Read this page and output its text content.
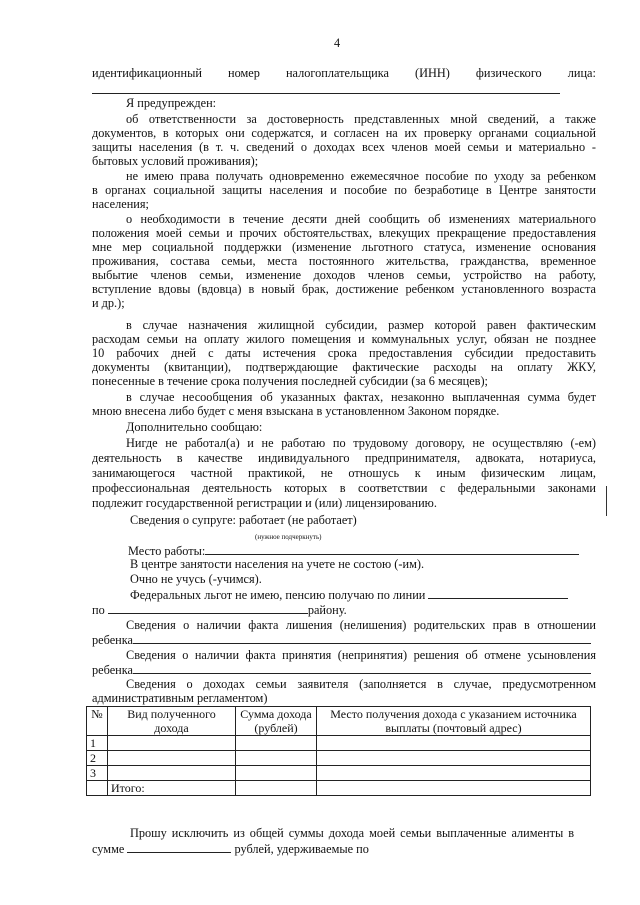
4
идентификационный номер налогоплательщика (ИНН) физического лица:
Я предупрежден:
об ответственности за достоверность представленных мной сведений, а также
документов, в которых они содержатся, и согласен на их проверку органами социальной
защиты населения (в т. ч. сведений о доходах всех членов моей семьи и материально -
бытовых условий проживания);
не имею права получать одновременно ежемесячное пособие по уходу за ребенком
в органах социальной защиты населения и пособие по безработице в Центре занятости
населения;
о необходимости в течение десяти дней сообщить об изменениях материального
положения моей семьи и прочих обстоятельствах, влекущих прекращение предоставления
мне мер социальной поддержки (изменение льготного статуса, изменение основания
проживания, состава семьи, места постоянного жительства, гражданства, временное
выбытие членов семьи, изменение доходов членов семьи, устройство на работу,
вступление вдовы (вдовца) в новый брак, достижение ребенком установленного возраста
и др.);
в случае назначения жилищной субсидии, размер которой равен фактическим
расходам семьи на оплату жилого помещения и коммунальных услуг, обязан не позднее
10 рабочих дней с даты истечения срока предоставления субсидии предоставить
документы (квитанции), подтверждающие фактические расходы на оплату ЖКУ,
понесенные в течение срока получения последней субсидии (за 6 месяцев);
в случае несообщения об указанных фактах, незаконно выплаченная сумма будет
мною внесена либо будет с меня взыскана в установленном Законом порядке.
Дополнительно сообщаю:
Нигде не работал(а) и не работаю по трудовому договору, не осуществляю (-ем)
деятельность в качестве индивидуального предпринимателя, адвоката, нотариуса,
занимающегося частной практикой, не отношусь к иным физическим лицам,
профессиональная деятельность которых в соответствии с федеральными законами
подлежит государственной регистрации и (или) лицензированию.
Сведения о супруге: работает (не работает)
(нужное подчеркнуть)
Место работы:
В центре занятости населения на учете не состою (-им).
Очно не учусь (-учимся).
Федеральных льгот не имею, пенсию получаю по линии
по	району.
Сведения о наличии факта лишения (нелишения) родительских прав в отношении
ребенка
Сведения о наличии факта принятия (непринятия) решения об отмене усыновления
ребенка
Сведения о доходах семьи заявителя (заполняется в случае, предусмотренном
административным регламентом)
№	Вид полученного дохода	Сумма дохода (рублей)	Место получения дохода с указанием источника выплаты (почтовый адрес)
1			
2			
3			
	Итого:		
Прошу исключить из общей суммы дохода моей семьи выплаченные алименты в
сумме	рублей, удерживаемые по
